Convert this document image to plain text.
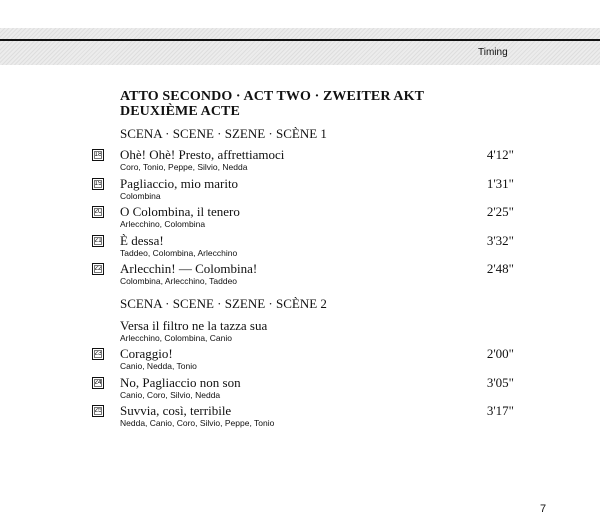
Timing
ATTO SECONDO · ACT TWO · ZWEITER AKT
DEUXIÈME ACTE
SCENA · SCENE · SZENE · SCÈNE 1
18 Ohè! Ohè! Presto, affrettiamoci
Coro, Tonio, Peppe, Silvio, Nedda
4'12"
19 Pagliaccio, mio marito
Colombina
1'31"
20 O Colombina, il tenero
Arlecchino, Colombina
2'25"
21 È dessa!
Taddeo, Colombina, Arlecchino
3'32"
22 Arlecchin! — Colombina!
Colombina, Arlecchino, Taddeo
2'48"
SCENA · SCENE · SZENE · SCÈNE 2
Versa il filtro ne la tazza sua
Arlecchino, Colombina, Canio
23 Coraggio!
Canio, Nedda, Tonio
2'00"
24 No, Pagliaccio non son
Canio, Coro, Silvio, Nedda
3'05"
25 Suvvia, così, terribile
Nedda, Canio, Coro, Silvio, Peppe, Tonio
3'17"
7
